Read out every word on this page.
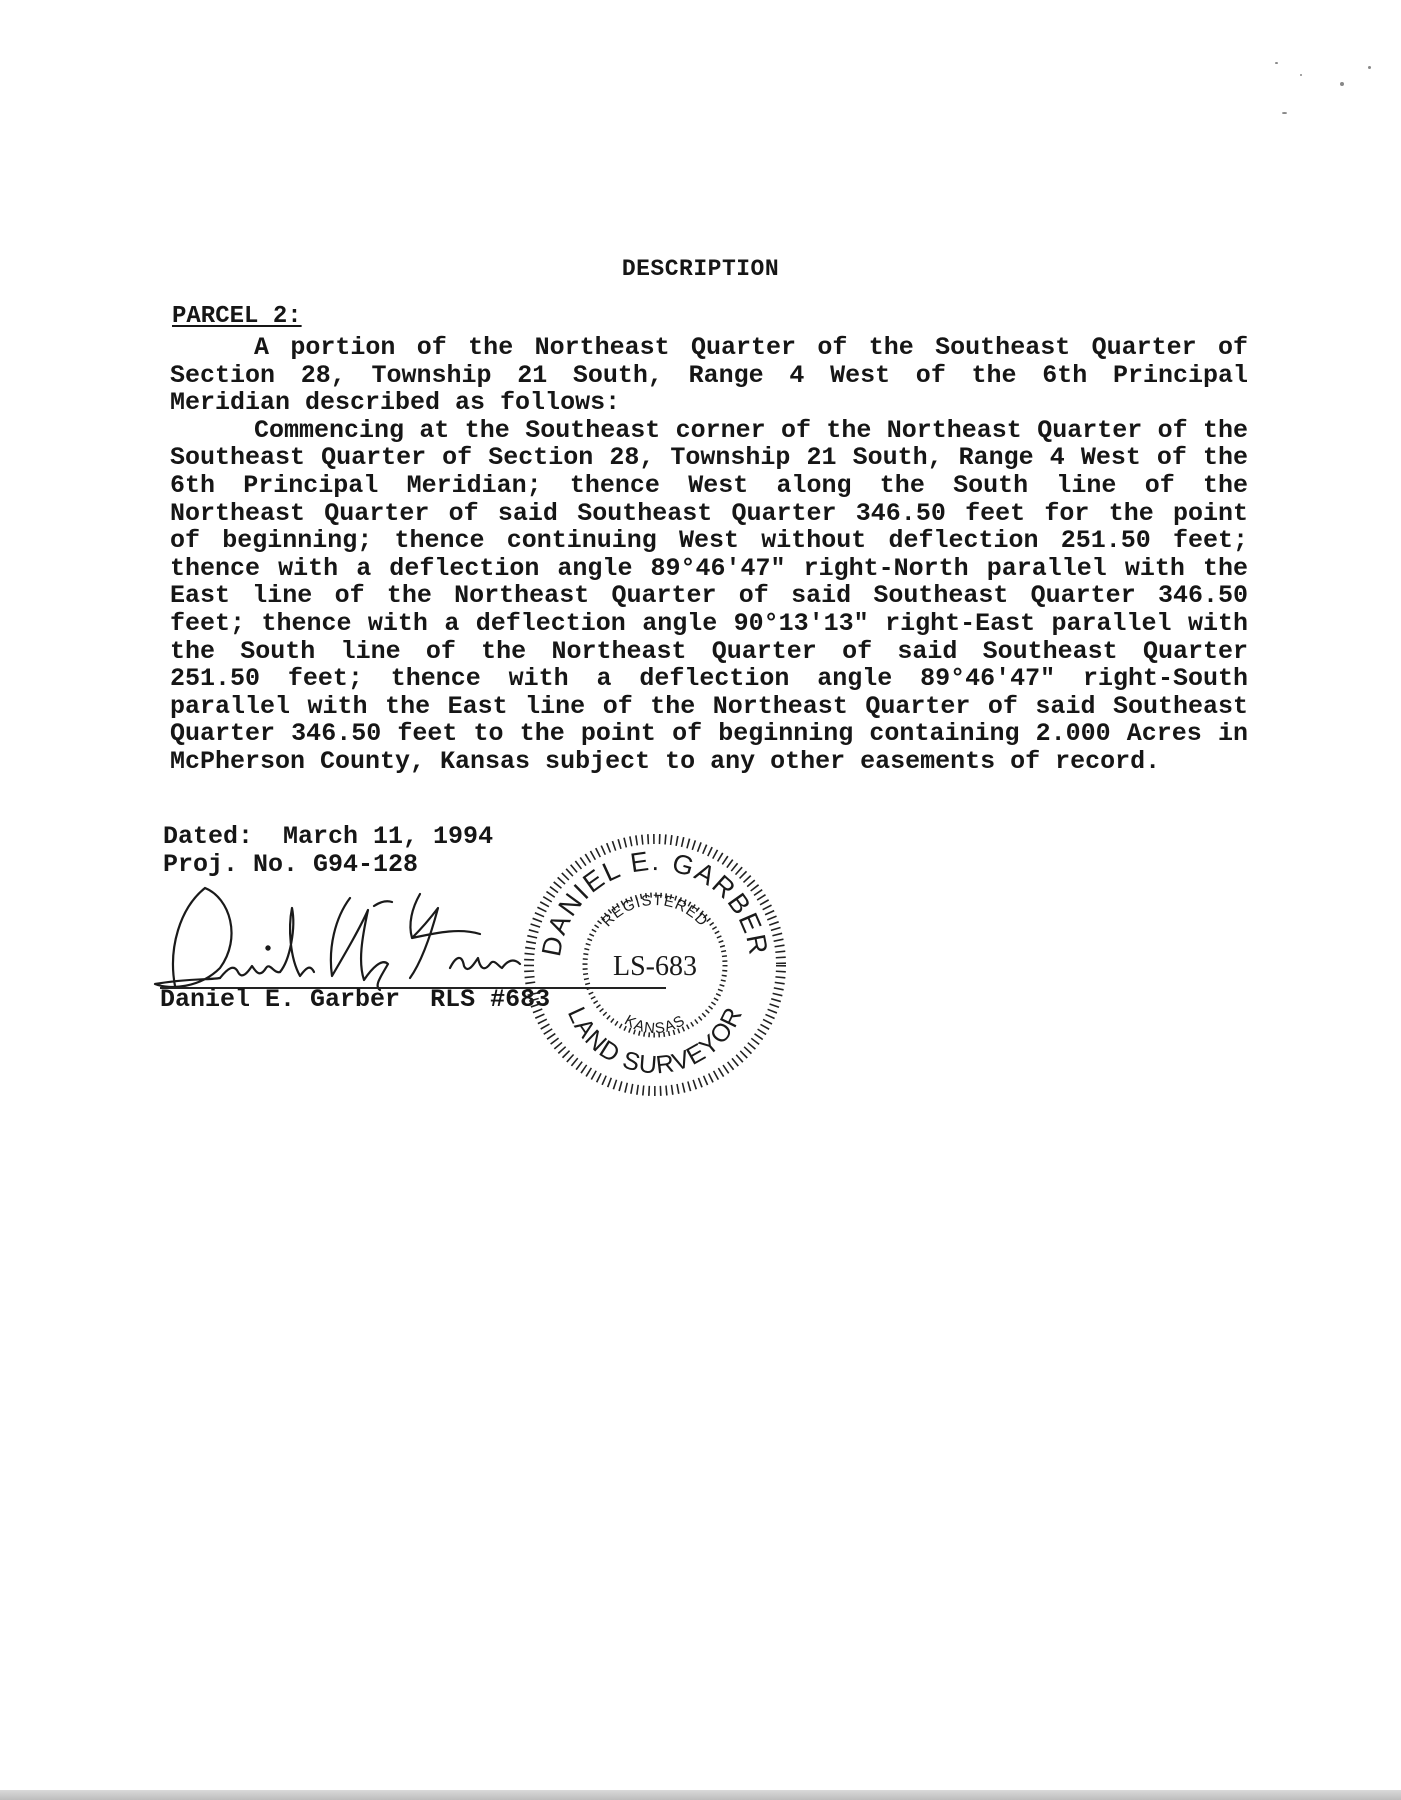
DESCRIPTION
PARCEL 2:

A portion of the Northeast Quarter of the Southeast Quarter of Section 28, Township 21 South, Range 4 West of the 6th Principal Meridian described as follows:

Commencing at the Southeast corner of the Northeast Quarter of the Southeast Quarter of Section 28, Township 21 South, Range 4 West of the 6th Principal Meridian; thence West along the South line of the Northeast Quarter of said Southeast Quarter 346.50 feet for the point of beginning; thence continuing West without deflection 251.50 feet; thence with a deflection angle 89°46'47" right-North parallel with the East line of the Northeast Quarter of said Southeast Quarter 346.50 feet; thence with a deflection angle 90°13'13" right-East parallel with the South line of the Northeast Quarter of said Southeast Quarter 251.50 feet; thence with a deflection angle 89°46'47" right-South parallel with the East line of the Northeast Quarter of said Southeast Quarter 346.50 feet to the point of beginning containing 2.000 Acres in McPherson County, Kansas subject to any other easements of record.

Dated: March 11, 1994
Proj. No. G94-128
Daniel E. Garber RLS #683
DANIEL E. GARBER
LAND SURVEYOR
REGISTERED
KANSAS
LS-683
